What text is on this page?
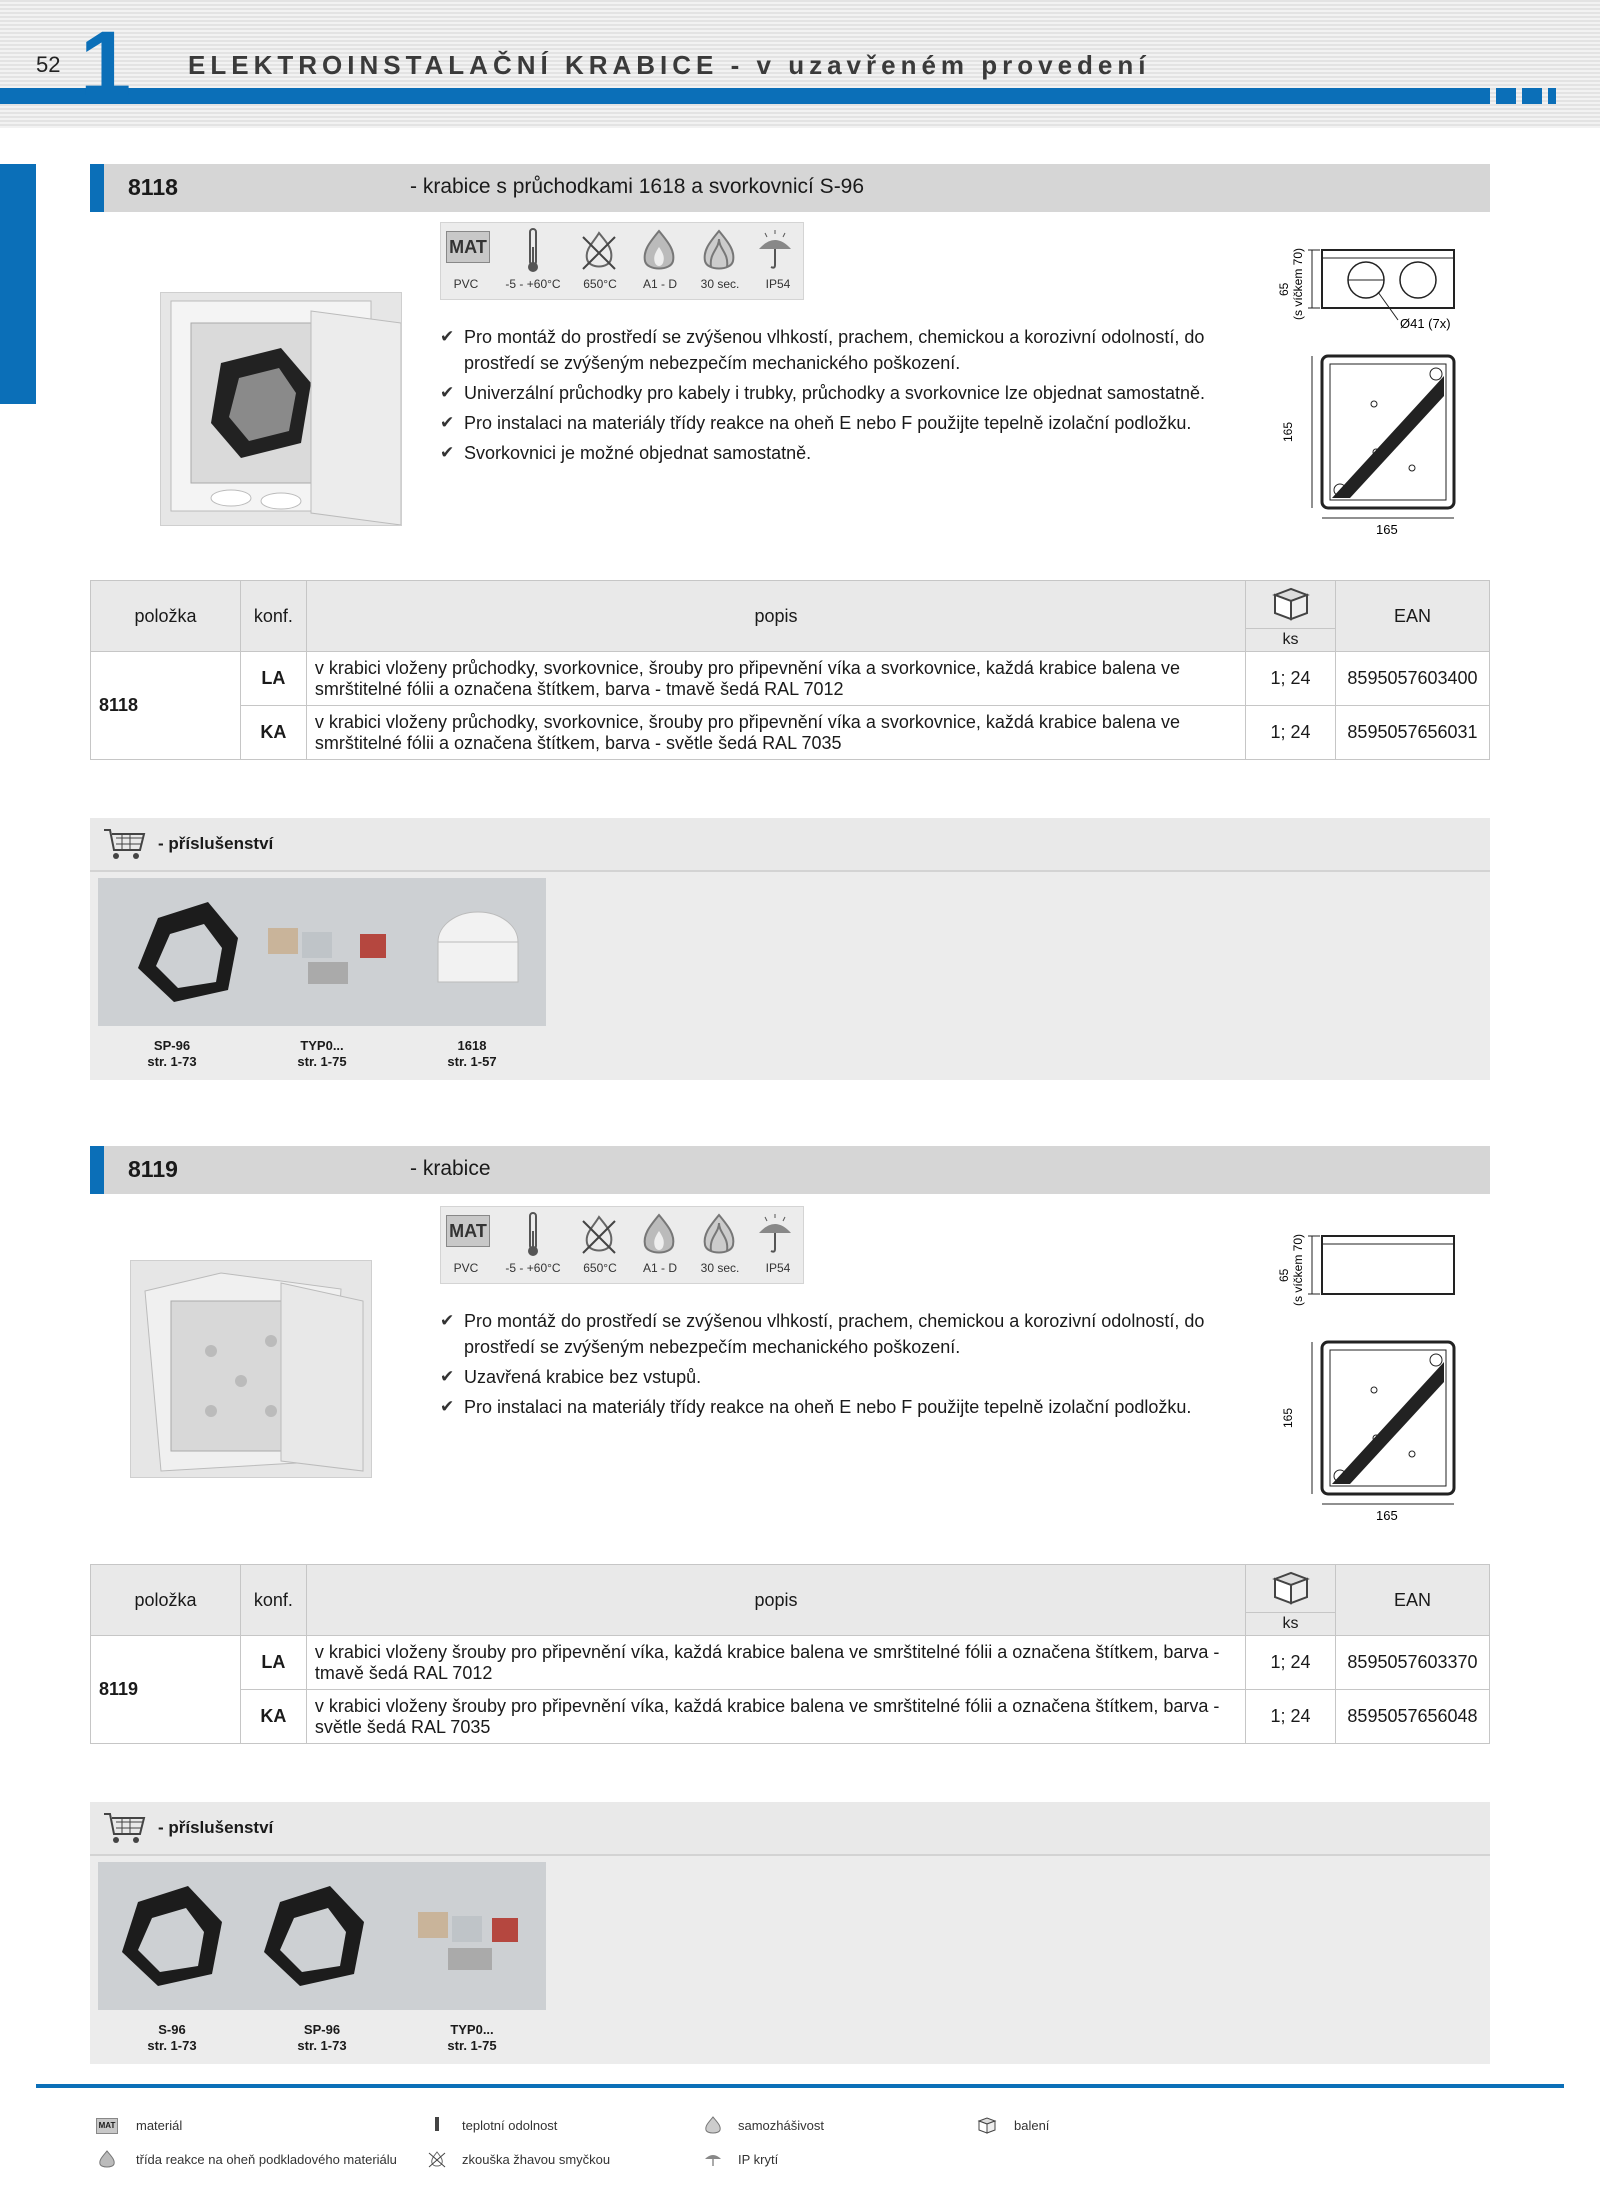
52 1 ELEKTROINSTALAČNÍ KRABICE - v uzavřeném provedení
8118	- krabice s průchodkami 1618 a svorkovnicí S-96
MAT
PVC	-5 - +60°C	650°C	A1 - D	30 sec.	IP54
✔ Pro montáž do prostředí se zvýšenou vlhkostí, prachem, chemickou a korozivní odolností, do prostředí se zvýšeným nebezpečím mechanického poškození.
✔ Univerzální průchodky pro kabely i trubky, průchodky a svorkovnice lze objednat samostatně.
✔ Pro instalaci na materiály třídy reakce na oheň E nebo F použijte tepelně izolační podložku.
✔ Svorkovnici je možné objednat samostatně.
65 (s víčkem 70)
Ø41 (7x)
165
165
položka	konf.	popis		EAN
			ks	
8118	LA	v krabici vloženy průchodky, svorkovnice, šrouby pro připevnění víka a svorkovnice, každá krabice balena ve smrštitelné fólii a označena štítkem, barva - tmavě šedá RAL 7012	1; 24	8595057603400
	KA	v krabici vloženy průchodky, svorkovnice, šrouby pro připevnění víka a svorkovnice, každá krabice balena ve smrštitelné fólii a označena štítkem, barva - světle šedá RAL 7035	1; 24	8595057656031
- příslušenství
SP-96
str. 1-73
TYP0...
str. 1-75
1618
str. 1-57
8119	- krabice
MAT
PVC	-5 - +60°C	650°C	A1 - D	30 sec.	IP54
✔ Pro montáž do prostředí se zvýšenou vlhkostí, prachem, chemickou a korozivní odolností, do prostředí se zvýšeným nebezpečím mechanického poškození.
✔ Uzavřená krabice bez vstupů.
✔ Pro instalaci na materiály třídy reakce na oheň E nebo F použijte tepelně izolační podložku.
65 (s víčkem 70)
165
165
položka	konf.	popis		EAN
			ks	
8119	LA	v krabici vloženy šrouby pro připevnění víka, každá krabice balena ve smrštitelné fólii a označena štítkem, barva - tmavě šedá RAL 7012	1; 24	8595057603370
	KA	v krabici vloženy šrouby pro připevnění víka, každá krabice balena ve smrštitelné fólii a označena štítkem, barva - světle šedá RAL 7035	1; 24	8595057656048
- příslušenství
S-96
str. 1-73
SP-96
str. 1-73
TYP0...
str. 1-75
MAT materiál	teplotní odolnost	samozhášivost	balení
třída reakce na oheň podkladového materiálu	zkouška žhavou smyčkou	IP krytí
